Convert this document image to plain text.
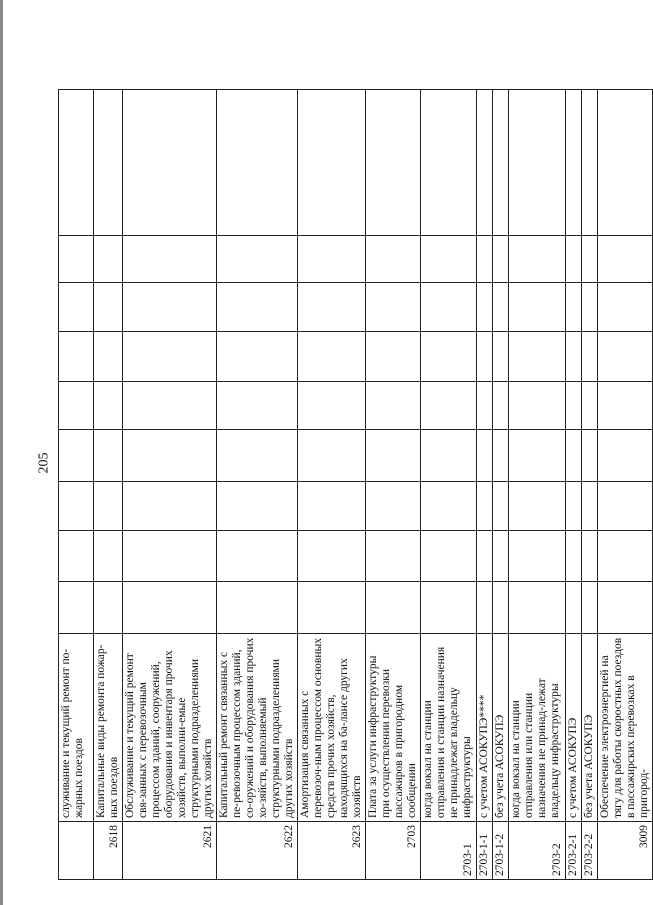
205
	служивание и текущий ремонт по-жарных поездов									
2618	Капитальные виды ремонта пожар-ных поездов									
2621	Обслуживание и текущий ремонт свя-занных с перевозочным процессом зданий, сооружений, оборудования и инвентаря прочих хозяйств, выполни-емые структурными подразделениями других хозяйств									
2622	Капитальный ремонт связанных с пе-ревозочным процессом зданий, со-оружений и оборудования прочих хо-зяйств, выполняемый структурными подразделениями других хозяйств									
2623	Амортизация связанных с перевозоч-ным процессом основных средств прочих хозяйств, находящихся на ба-лансе других хозяйств									
2703	Плата за услуги инфраструктуры при осуществлении перевозки пассажиров в пригородном сообщении									
2703-1	когда вокзал на станции отправления и станции назначения не принадлежат владельцу инфраструктуры									
2703-1-1	с учетом АСОКУПЭ****									
2703-1-2	без учета АСОКУПЭ									
2703-2	когда вокзал на станции отправления или станции назначения не принад-лежат владельцу инфраструктуры									
2703-2-1	с учетом АСОКУПЭ									
2703-2-2	без учета АСОКУПЭ									
3009	Обеспечение электроэнергией на тягу для работы скоростных поездов в пассажирских перевозках в пригород-									
